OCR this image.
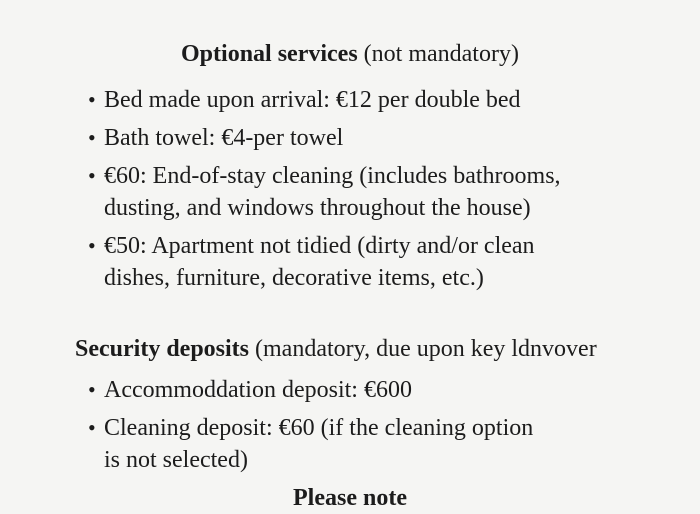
Optional services (not mandatory)
• Bed made upon arrival: €12 per double bed
• Bath towel: €4-per towel
• €60: End-of-stay cleaning (includes bathrooms,
dusting, and windows throughout the house)
• €50: Apartment not tidied (dirty and/or clean
dishes, furniture, decorative items, etc.)
Security deposits (mandatory, due upon key ldnvover
• Accommoddation deposit: €600
• Cleaning deposit: €60 (if the cleaning option
is not selected)
Please note
